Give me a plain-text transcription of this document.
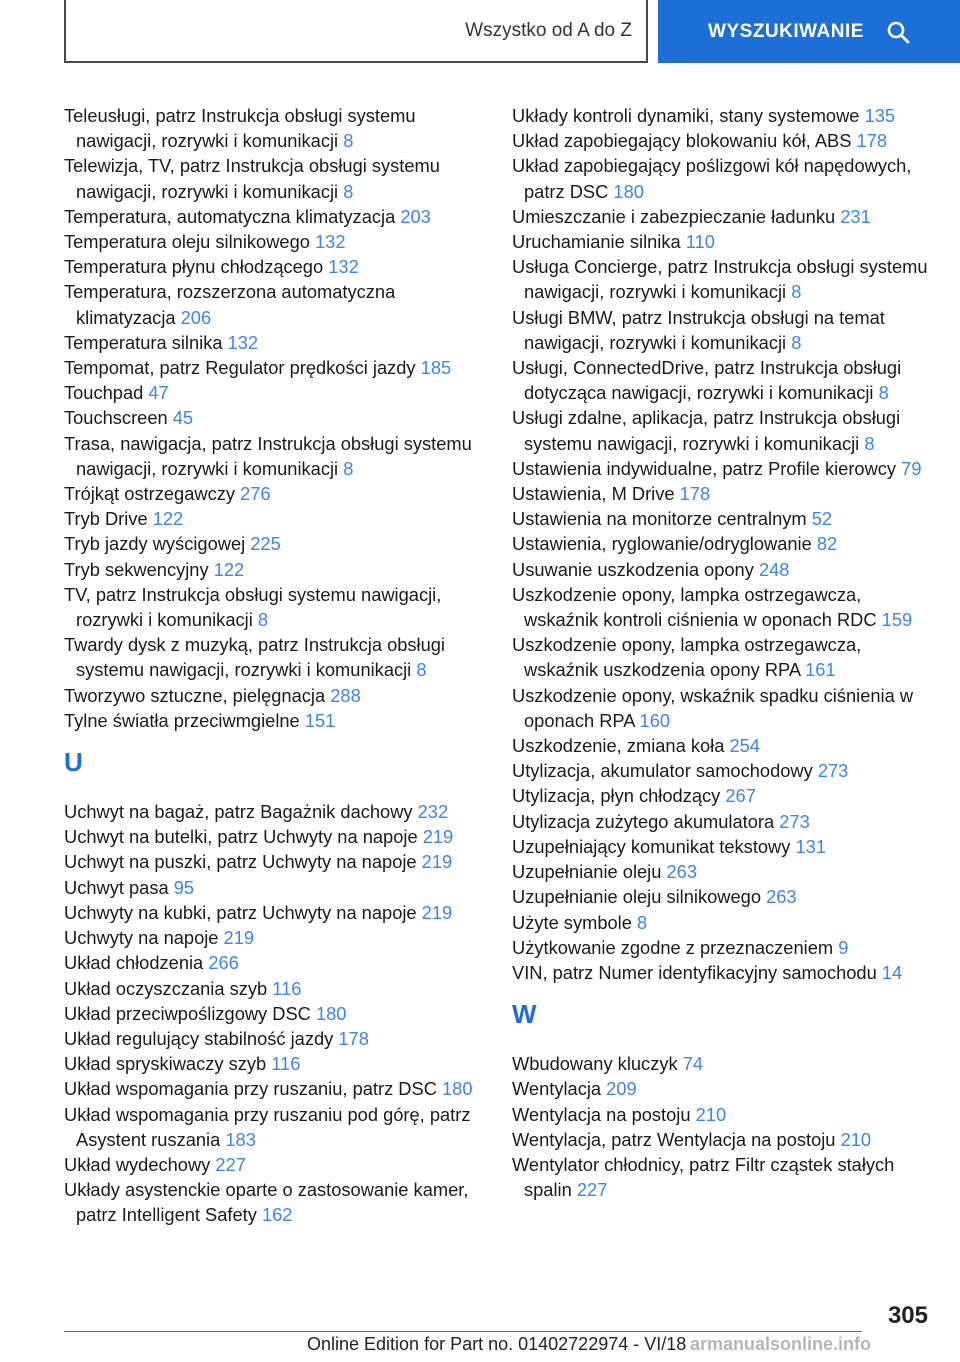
Wszystko od A do Z	WYSZUKIWANIE

Teleusługi, patrz Instrukcja obsługi systemu nawigacji, rozrywki i komunikacji 8

Telewizja, TV, patrz Instrukcja obsługi systemu nawigacji, rozrywki i komunikacji 8

Temperatura, automatyczna klimatyzacja 203

Temperatura oleju silnikowego 132

Temperatura płynu chłodzącego 132

Temperatura, rozszerzona automatyczna klimatyzacja 206

Temperatura silnika 132

Tempomat, patrz Regulator prędkości jazdy 185

Touchpad 47

Touchscreen 45

Trasa, nawigacja, patrz Instrukcja obsługi systemu nawigacji, rozrywki i komunikacji 8

Trójkąt ostrzegawczy 276

Tryb Drive 122

Tryb jazdy wyścigowej 225

Tryb sekwencyjny 122

TV, patrz Instrukcja obsługi systemu nawigacji, rozrywki i komunikacji 8

Twardy dysk z muzyką, patrz Instrukcja obsługi systemu nawigacji, rozrywki i komunikacji 8

Tworzywo sztuczne, pielęgnacja 288

Tylne światła przeciwmgielne 151

U

Uchwyt na bagaż, patrz Bagażnik dachowy 232

Uchwyt na butelki, patrz Uchwyty na napoje 219

Uchwyt na puszki, patrz Uchwyty na napoje 219

Uchwyt pasa 95

Uchwyty na kubki, patrz Uchwyty na napoje 219

Uchwyty na napoje 219

Układ chłodzenia 266

Układ oczyszczania szyb 116

Układ przeciwpoślizgowy DSC 180

Układ regulujący stabilność jazdy 178

Układ spryskiwaczy szyb 116

Układ wspomagania przy ruszaniu, patrz DSC 180

Układ wspomagania przy ruszaniu pod górę, patrz Asystent ruszania 183

Układ wydechowy 227

Układy asystenckie oparte o zastosowanie kamer, patrz Intelligent Safety 162

Układy kontroli dynamiki, stany systemowe 135

Układ zapobiegający blokowaniu kół, ABS 178

Układ zapobiegający poślizgowi kół napędowych, patrz DSC 180

Umieszczanie i zabezpieczanie ładunku 231

Uruchamianie silnika 110

Usługa Concierge, patrz Instrukcja obsługi systemu nawigacji, rozrywki i komunikacji 8

Usługi BMW, patrz Instrukcja obsługi na temat nawigacji, rozrywki i komunikacji 8

Usługi, ConnectedDrive, patrz Instrukcja obsługi dotycząca nawigacji, rozrywki i komunikacji 8

Usługi zdalne, aplikacja, patrz Instrukcja obsługi systemu nawigacji, rozrywki i komunikacji 8

Ustawienia indywidualne, patrz Profile kierowcy 79

Ustawienia, M Drive 178

Ustawienia na monitorze centralnym 52

Ustawienia, ryglowanie/odryglowanie 82

Usuwanie uszkodzenia opony 248

Uszkodzenie opony, lampka ostrzegawcza, wskaźnik kontroli ciśnienia w oponach RDC 159

Uszkodzenie opony, lampka ostrzegawcza, wskaźnik uszkodzenia opony RPA 161

Uszkodzenie opony, wskaźnik spadku ciśnienia w oponach RPA 160

Uszkodzenie, zmiana koła 254

Utylizacja, akumulator samochodowy 273

Utylizacja, płyn chłodzący 267

Utylizacja zużytego akumulatora 273

Uzupełniający komunikat tekstowy 131

Uzupełnianie oleju 263

Uzupełnianie oleju silnikowego 263

Użyte symbole 8

Użytkowanie zgodne z przeznaczeniem 9

VIN, patrz Numer identyfikacyjny samochodu 14

W

Wbudowany kluczyk 74

Wentylacja 209

Wentylacja na postoju 210

Wentylacja, patrz Wentylacja na postoju 210

Wentylator chłodnicy, patrz Filtr cząstek stałych spalin 227

305
Online Edition for Part no. 01402722974 - VI/18 armanualsonline.info
